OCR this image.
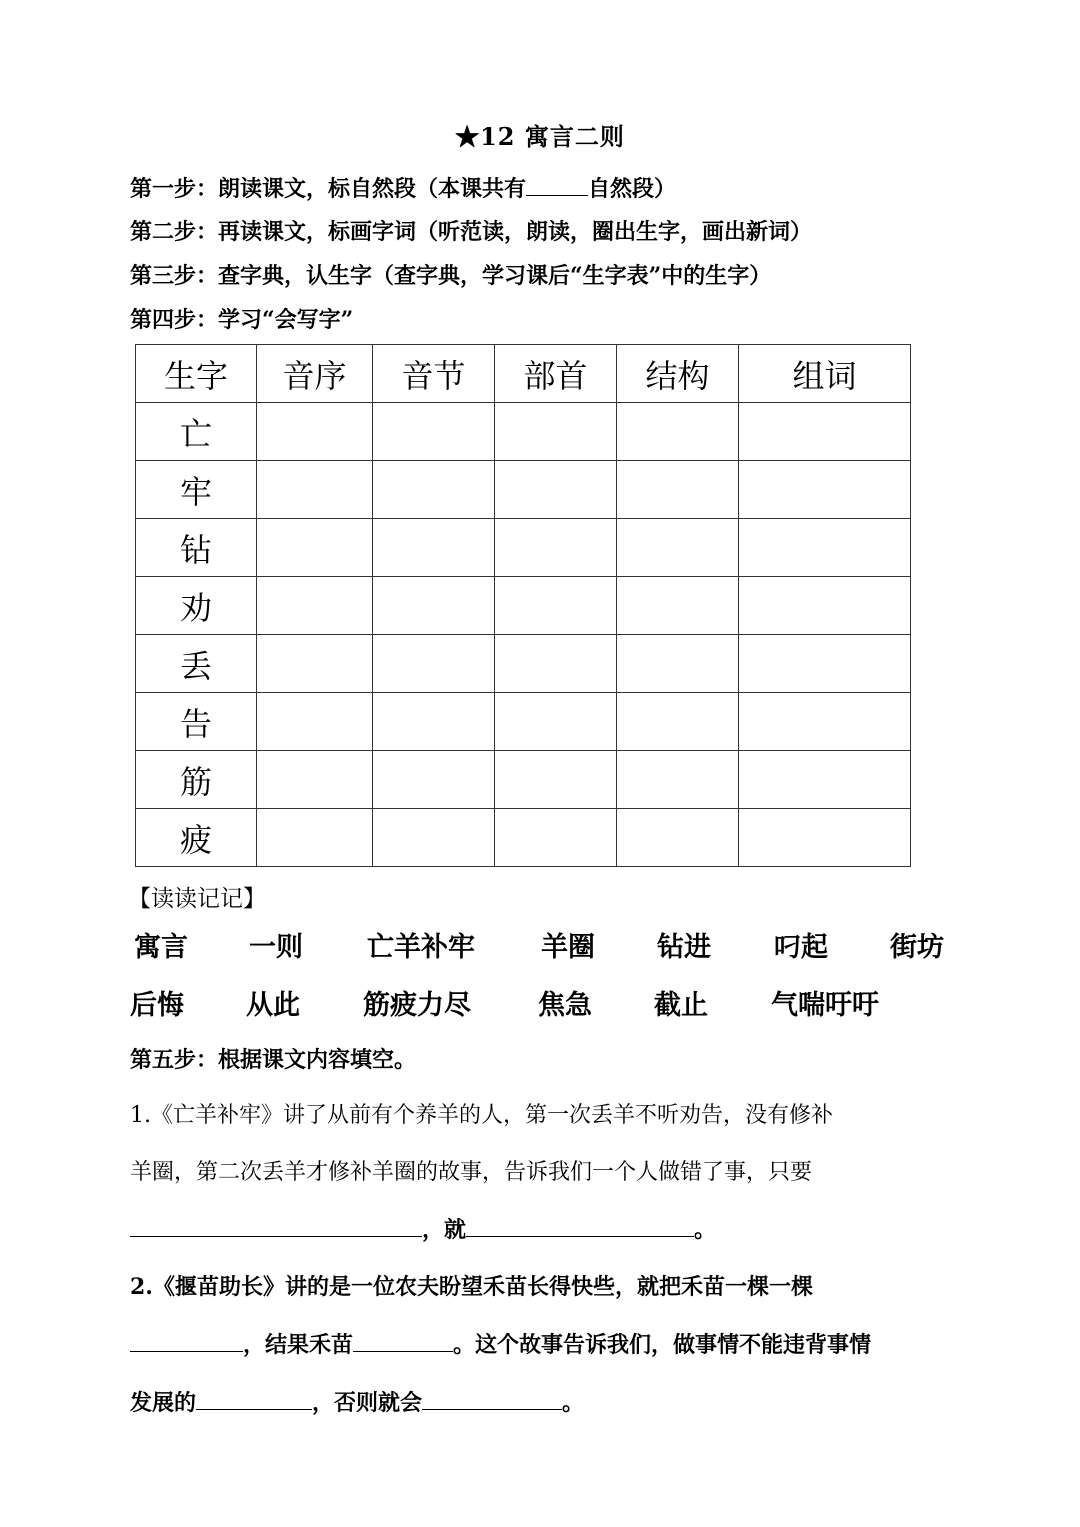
★12 寓言二则
第一步：朗读课文，标自然段（本课共有	自然段）
第二步：再读课文，标画字词（听范读，朗读，圈出生字，画出新词）
第三步：查字典，认生字（查字典，学习课后“生字表”中的生字）
第四步：学习“会写字”
生字	音序	音节	部首	结构	组词
亡					
牢					
钻					
劝					
丢					
告					
筋					
疲					
【读读记记】
寓言 一则 亡羊补牢 羊圈 钻进 叼起 街坊
后悔 从此 筋疲力尽 焦急 截止 气喘吁吁
第五步：根据课文内容填空。
1.《亡羊补牢》讲了从前有个养羊的人，第一次丢羊不听劝告，没有修补
羊圈，第二次丢羊才修补羊圈的故事，告诉我们一个人做错了事，只要
，就	。
2.《揠苗助长》讲的是一位农夫盼望禾苗长得快些，就把禾苗一棵一棵
，结果禾苗	。这个故事告诉我们，做事情不能违背事情
发展的	，否则就会	。
